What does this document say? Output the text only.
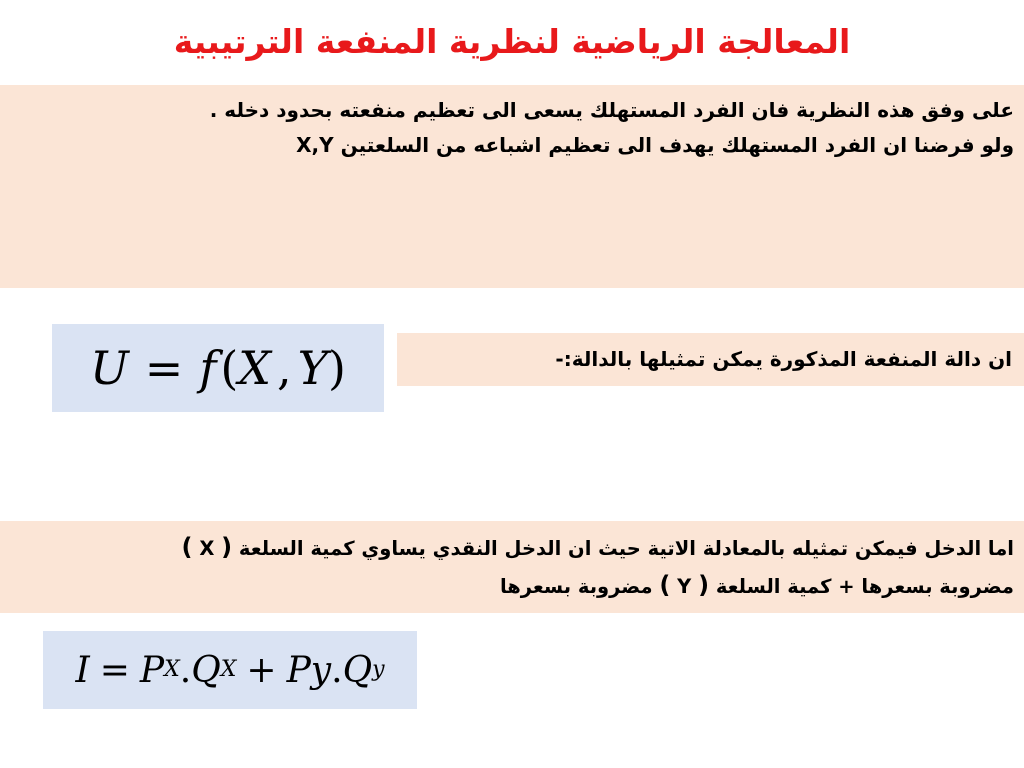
المعالجة الرياضية لنظرية المنفعة الترتيبية

على وفق هذه النظرية فان الفرد المستهلك يسعى الى تعظيم منفعته بحدود دخله .

ولو فرضنا ان الفرد المستهلك يهدف الى تعظيم اشباعه من السلعتين X,Y

U = f ( X , Y )	ان دالة المنفعة المذكورة يمكن تمثيلها بالدالة:-

اما الدخل فيمكن تمثيله بالمعادلة الاتية حيث ان الدخل النقدي يساوي كمية السلعة ( X )

مضروبة بسعرها + كمية السلعة ( Y ) مضروبة بسعرها

I = P X . Q X + Py . Q y
